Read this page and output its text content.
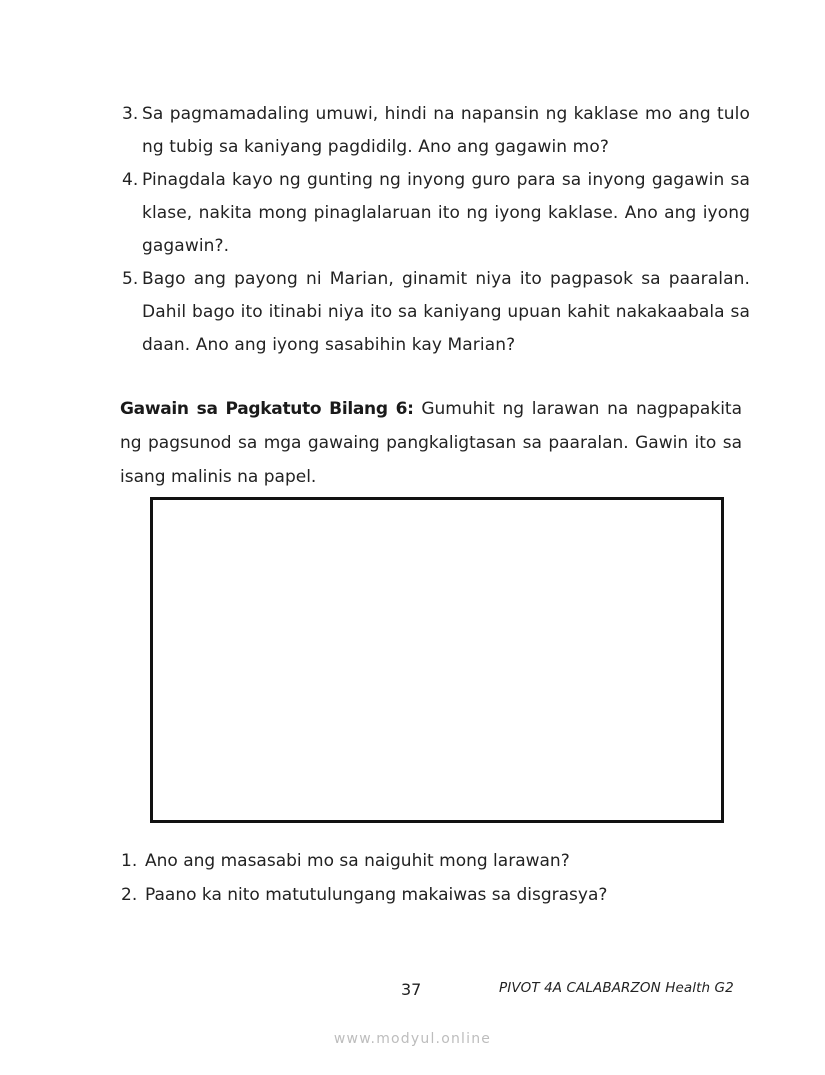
3. Sa pagmamadaling umuwi, hindi na napansin ng kaklase mo ang tulo ng tubig sa kaniyang pagdidilg. Ano ang gagawin mo?
4. Pinagdala kayo ng gunting ng inyong guro para sa inyong gagawin sa klase, nakita mong pinaglalaruan ito ng iyong kaklase. Ano ang iyong gagawin?.
5. Bago ang payong ni Marian, ginamit niya ito pagpasok sa paaralan. Dahil bago ito itinabi niya ito sa kaniyang upuan kahit nakakaabala sa daan. Ano ang iyong sasabihin kay Marian?

Gawain sa Pagkatuto Bilang 6: Gumuhit ng larawan na nagpapakita ng pagsunod sa mga gawaing pangkaligtasan sa paaralan. Gawin ito sa isang malinis na papel.

1. Ano ang masasabi mo sa naiguhit mong larawan?
2. Paano ka nito matutulungang makaiwas sa disgrasya?
37	PIVOT 4A CALABARZON Health G2
www.modyul.online
